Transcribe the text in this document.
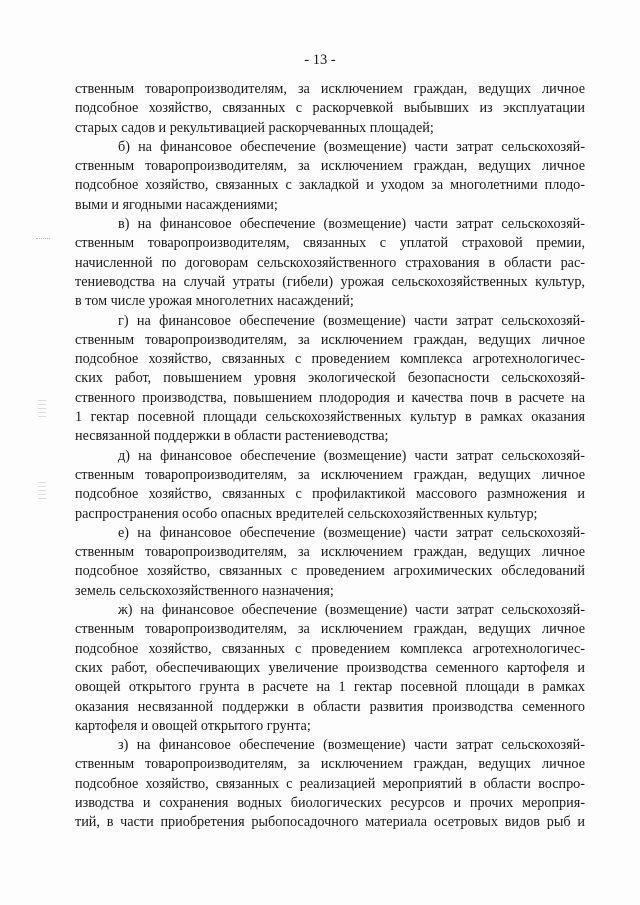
- 13 -
ственным товаропроизводителям, за исключением граждан, ведущих личное
подсобное хозяйство, связанных с раскорчевкой выбывших из эксплуатации
старых садов и рекультивацией раскорчеванных площадей;
б) на финансовое обеспечение (возмещение) части затрат сельскохозяй-
ственным товаропроизводителям, за исключением граждан, ведущих личное
подсобное хозяйство, связанных с закладкой и уходом за многолетними плодо-
выми и ягодными насаждениями;
в) на финансовое обеспечение (возмещение) части затрат сельскохозяй-
ственным товаропроизводителям, связанных с уплатой страховой премии,
начисленной по договорам сельскохозяйственного страхования в области рас-
тениеводства на случай утраты (гибели) урожая сельскохозяйственных культур,
в том числе урожая многолетних насаждений;
г) на финансовое обеспечение (возмещение) части затрат сельскохозяй-
ственным товаропроизводителям, за исключением граждан, ведущих личное
подсобное хозяйство, связанных с проведением комплекса агротехнологичес-
ских работ, повышением уровня экологической безопасности сельскохозяй-
ственного производства, повышением плодородия и качества почв в расчете на
1 гектар посевной площади сельскохозяйственных культур в рамках оказания
несвязанной поддержки в области растениеводства;
д) на финансовое обеспечение (возмещение) части затрат сельскохозяй-
ственным товаропроизводителям, за исключением граждан, ведущих личное
подсобное хозяйство, связанных с профилактикой массового размножения и
распространения особо опасных вредителей сельскохозяйственных культур;
е) на финансовое обеспечение (возмещение) части затрат сельскохозяй-
ственным товаропроизводителям, за исключением граждан, ведущих личное
подсобное хозяйство, связанных с проведением агрохимических обследований
земель сельскохозяйственного назначения;
ж) на финансовое обеспечение (возмещение) части затрат сельскохозяй-
ственным товаропроизводителям, за исключением граждан, ведущих личное
подсобное хозяйство, связанных с проведением комплекса агротехнологичес-
ских работ, обеспечивающих увеличение производства семенного картофеля и
овощей открытого грунта в расчете на 1 гектар посевной площади в рамках
оказания несвязанной поддержки в области развития производства семенного
картофеля и овощей открытого грунта;
з) на финансовое обеспечение (возмещение) части затрат сельскохозяй-
ственным товаропроизводителям, за исключением граждан, ведущих личное
подсобное хозяйство, связанных с реализацией мероприятий в области воспро-
изводства и сохранения водных биологических ресурсов и прочих мероприя-
тий, в части приобретения рыбопосадочного материала осетровых видов рыб и
